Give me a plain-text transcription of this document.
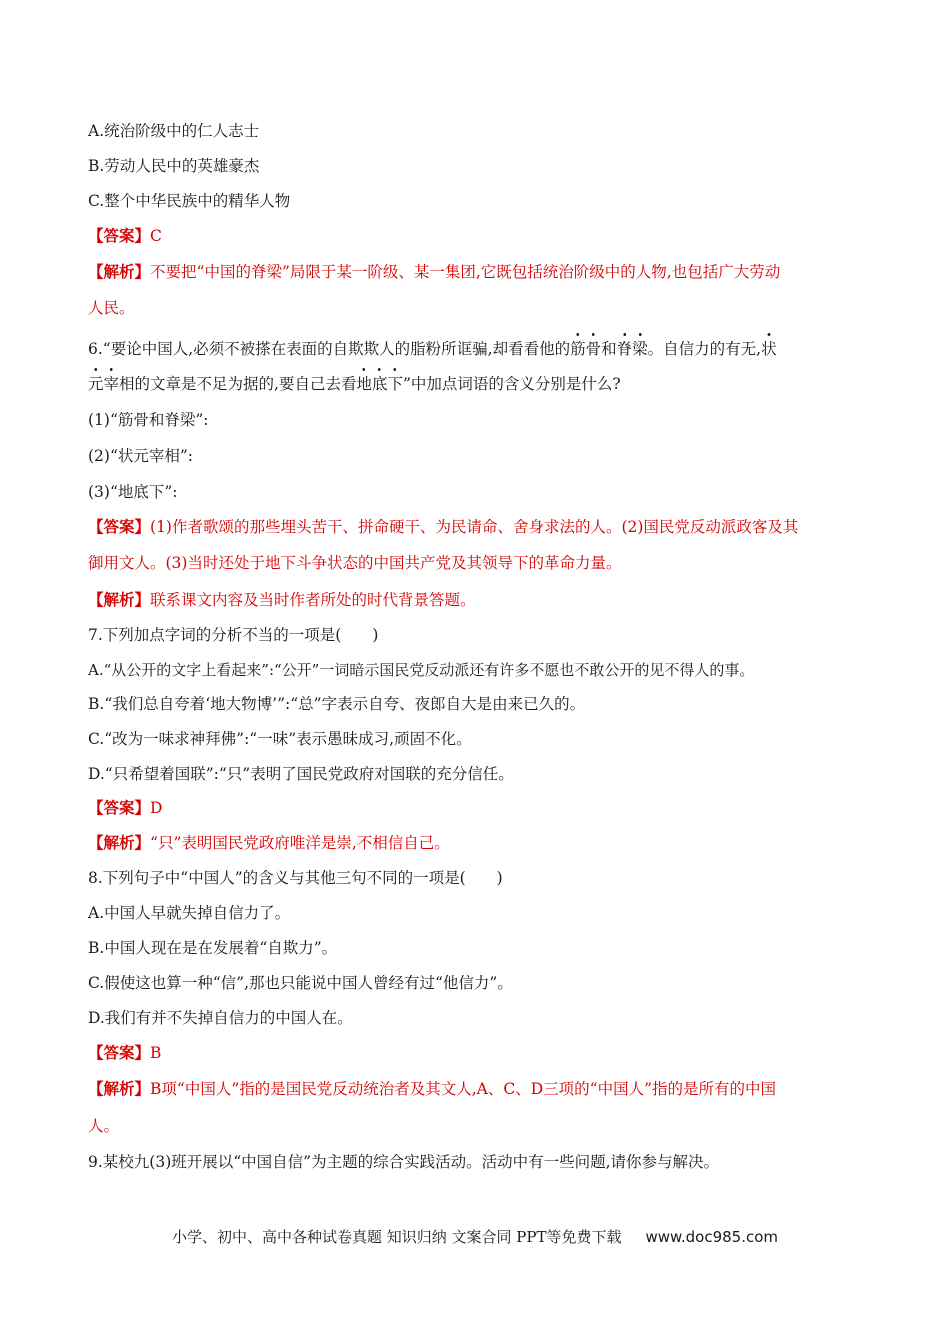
A.统治阶级中的仁人志士
B.劳动人民中的英雄豪杰
C.整个中华民族中的精华人物
【答案】C
【解析】不要把“中国的脊梁”局限于某一阶级、某一集团,它既包括统治阶级中的人物,也包括广大劳动
人民。
6.“要论中国人,必须不被搽在表面的自欺欺人的脂粉所诓骗,却看看他的筋骨和脊梁。自信力的有无,状
元宰相的文章是不足为据的,要自己去看地底下”中加点词语的含义分别是什么?
(1)“筋骨和脊梁”:
(2)“状元宰相”:
(3)“地底下”:
【答案】(1)作者歌颂的那些埋头苦干、拼命硬干、为民请命、舍身求法的人。(2)国民党反动派政客及其
御用文人。(3)当时还处于地下斗争状态的中国共产党及其领导下的革命力量。
【解析】联系课文内容及当时作者所处的时代背景答题。
7.下列加点字词的分析不当的一项是(　　)
A.“从公开的文字上看起来”:“公开”一词暗示国民党反动派还有许多不愿也不敢公开的见不得人的事。
B.“我们总自夸着‘地大物博’”:“总”字表示自夸、夜郎自大是由来已久的。
C.“改为一味求神拜佛”:“一味”表示愚昧成习,顽固不化。
D.“只希望着国联”:“只”表明了国民党政府对国联的充分信任。
【答案】D
【解析】“只”表明国民党政府唯洋是崇,不相信自己。
8.下列句子中“中国人”的含义与其他三句不同的一项是(　　)
A.中国人早就失掉自信力了。
B.中国人现在是在发展着“自欺力”。
C.假使这也算一种“信”,那也只能说中国人曾经有过“他信力”。
D.我们有并不失掉自信力的中国人在。
【答案】B
【解析】B项“中国人”指的是国民党反动统治者及其文人,A、C、D三项的“中国人”指的是所有的中国
人。
9.某校九(3)班开展以“中国自信”为主题的综合实践活动。活动中有一些问题,请你参与解决。
小学、初中、高中各种试卷真题 知识归纳 文案合同 PPT等免费下载 www.doc985.com
